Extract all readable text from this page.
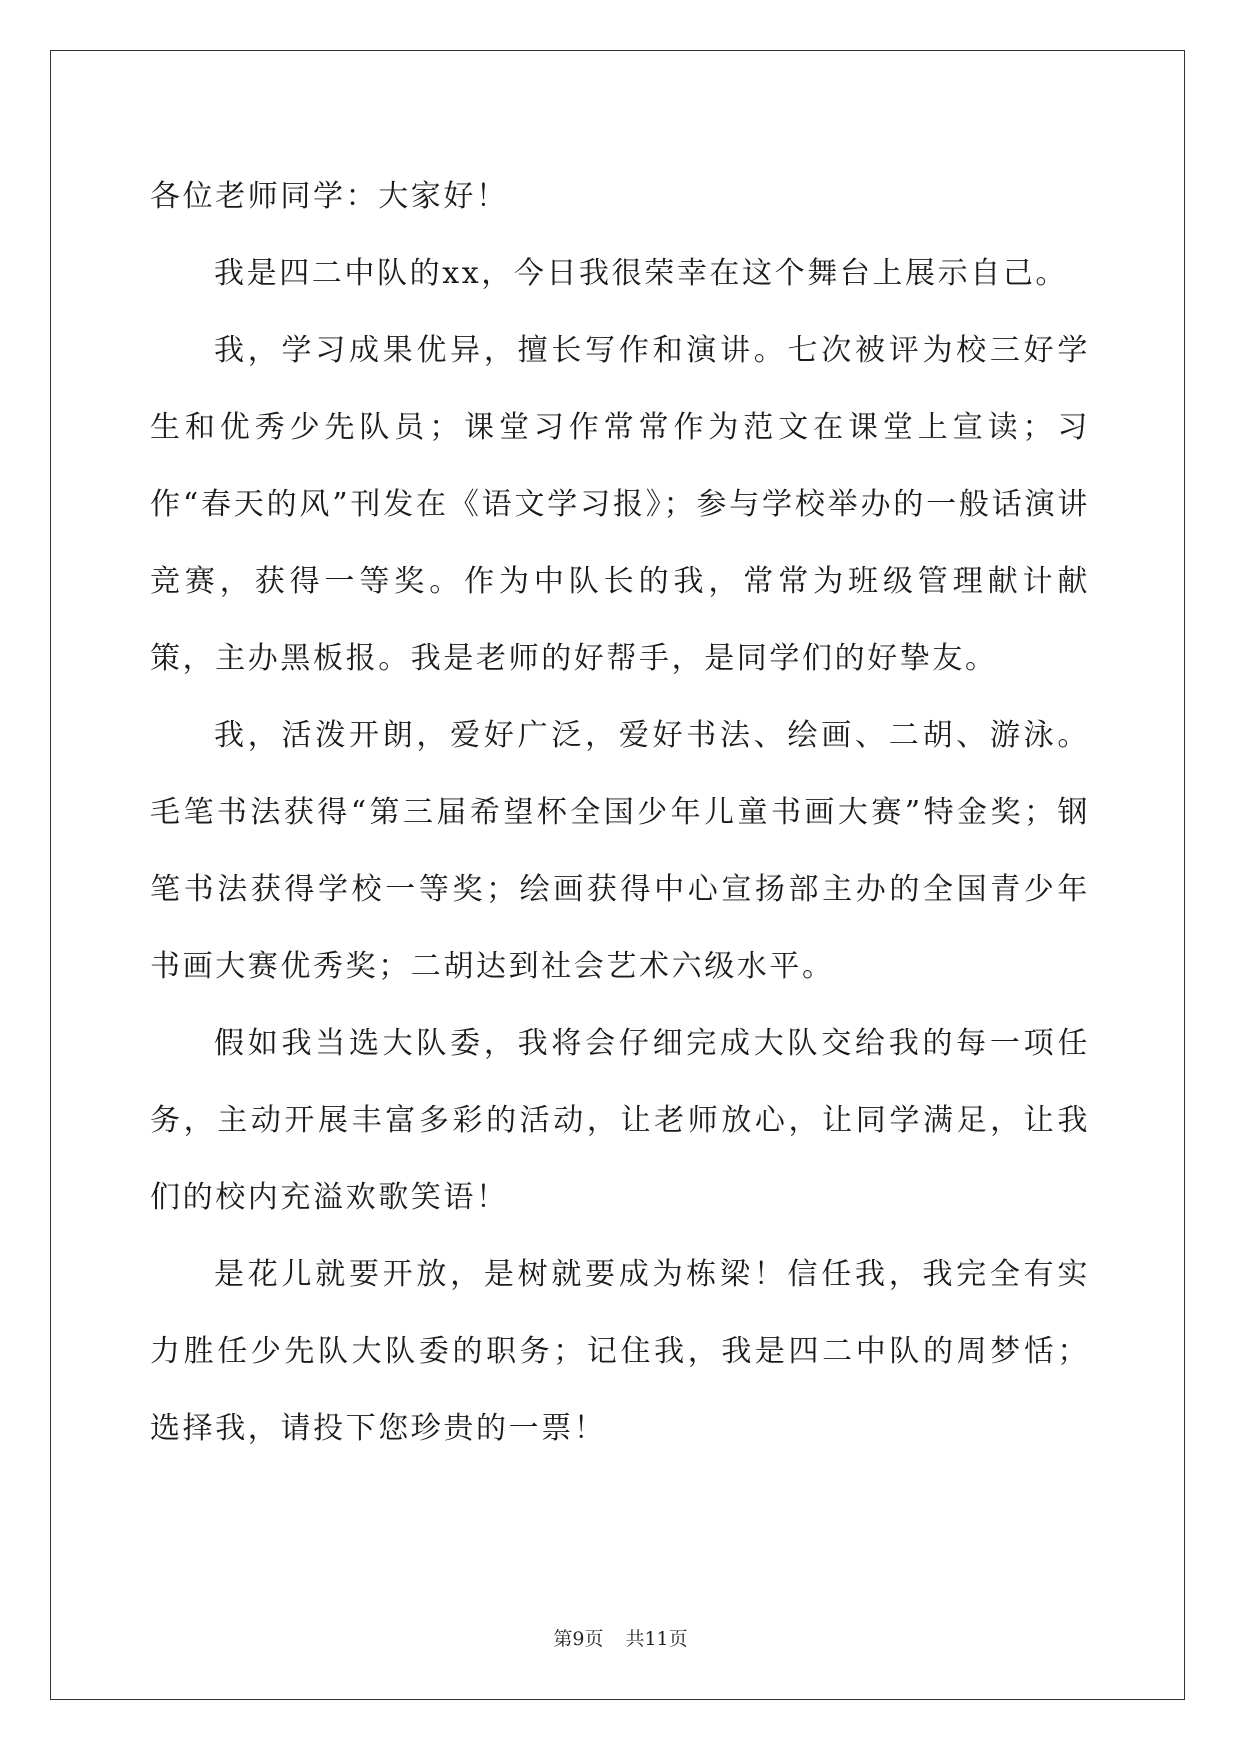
各位老师同学：大家好！

我是四二中队的xx，今日我很荣幸在这个舞台上展示自己。

我，学习成果优异，擅长写作和演讲。七次被评为校三好学生和优秀少先队员；课堂习作常常作为范文在课堂上宣读；习作“春天的风”刊发在《语文学习报》；参与学校举办的一般话演讲竞赛，获得一等奖。作为中队长的我，常常为班级管理献计献策，主办黑板报。我是老师的好帮手，是同学们的好挚友。

我，活泼开朗，爱好广泛，爱好书法、绘画、二胡、游泳。毛笔书法获得“第三届希望杯全国少年儿童书画大赛”特金奖；钢笔书法获得学校一等奖；绘画获得中心宣扬部主办的全国青少年书画大赛优秀奖；二胡达到社会艺术六级水平。

假如我当选大队委，我将会仔细完成大队交给我的每一项任务，主动开展丰富多彩的活动，让老师放心，让同学满足，让我们的校内充溢欢歌笑语！

是花儿就要开放，是树就要成为栋梁！信任我，我完全有实力胜任少先队大队委的职务；记住我，我是四二中队的周梦恬；选择我，请投下您珍贵的一票！

第9页 共11页
